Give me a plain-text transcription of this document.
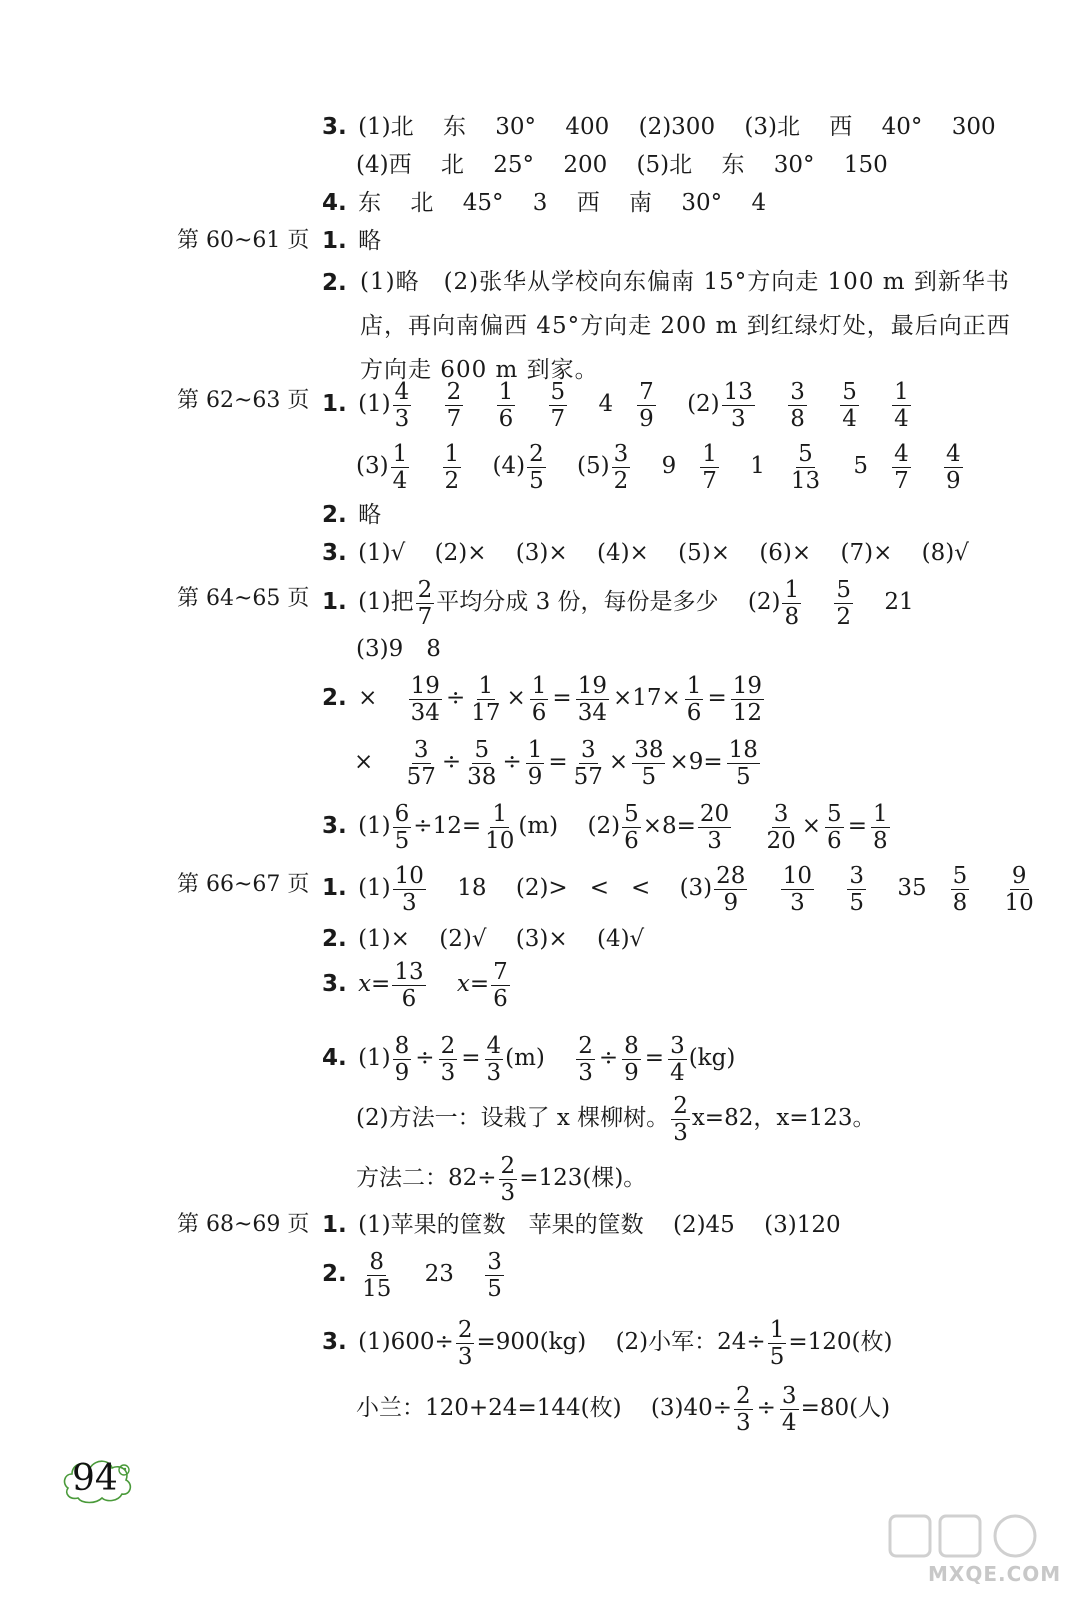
3. (1)北 东 30° 400 (2)300 (3)北 西 40° 300
(4)西 北 25° 200 (5)北 东 30° 150
4. 东 北 45° 3 西 南 30° 4
第 60~61 页 1. 略
2. (1)略　(2)张华从学校向东偏南 15°方向走 100 m 到新华书店，再向南偏西 45°方向走 200 m 到红绿灯处，最后向正西方向走 600 m 到家。
第 62~63 页 1. $(1) \frac{4}{3}$
$\frac{2}{7}$
$\frac{1}{6}$
$\frac{5}{7} 4 \frac{7}{9} (2) \frac{13}{3}$
$\frac{3}{8}$
$\frac{5}{4}$
$\frac{1}{4}$
$(3) \frac{1}{4}$
$\frac{1}{2} (4) \frac{2}{5} (5) \frac{3}{2} 9 \frac{1}{7} 1 \frac{5}{13} 5 \frac{4}{7}$
$\frac{4}{9}$
2. 略
3. (1)√ (2)× (3)× (4)× (5)× (6)× (7)× (8)√
第 64~65 页 1. (1)把 $\frac{2}{7}$ 平均分成 3 份，每份是多少 $(2) \frac{1}{8}$
$\frac{5}{2} 21$
(3)9　8
2. × $\frac{19}{34} \div \frac{1}{17} \times \frac{1}{6} = \frac{19}{34} \times 17\times \frac{1}{6} = \frac{19}{12}$
× $\frac{3}{57} \div \frac{5}{38} \div \frac{1}{9} = \frac{3}{57} \times \frac{38}{5} \times 9= \frac{18}{5}$
3. $(1) \frac{6}{5} \div 12= \frac{1}{10} (m)$ $(2) \frac{5}{6} \times 8= \frac{20}{3}$
$\frac{3}{20} \times \frac{5}{6} = \frac{1}{8}$
第 66~67 页 1. $(1) \frac{10}{3} 18$ (2)> < < $(3) \frac{28}{9}$
$\frac{10}{3}$
$\frac{3}{5} 35 \frac{5}{8}$
$\frac{9}{10}$
2. (1)× (2)√ (3)× (4)√
3. $x= \frac{13}{6} x= \frac{7}{6}$
4. $(1) \frac{8}{9} \div \frac{2}{3} = \frac{4}{3} (m) \frac{2}{3} \div \frac{8}{9} = \frac{3}{4} (kg)$
(2)方法一：设栽了 x 棵柳树。 $\frac{2}{3} x=82$，x=123。
方法二：$82\div \frac{2}{3} =123$(棵)。
第 68~69 页 1. (1)苹果的筐数　苹果的筐数 (2)45 (3)120
2. $\frac{8}{15} 23 \frac{3}{5}$
3. $(1)600\div \frac{2}{3} =900(kg)$ (2)小军：$24\div \frac{1}{5} =120$(枚)
小兰：120+24=144(枚) $(3)40\div \frac{2}{3} \div \frac{3}{4} =80$(人)
94
MXQE.COM
